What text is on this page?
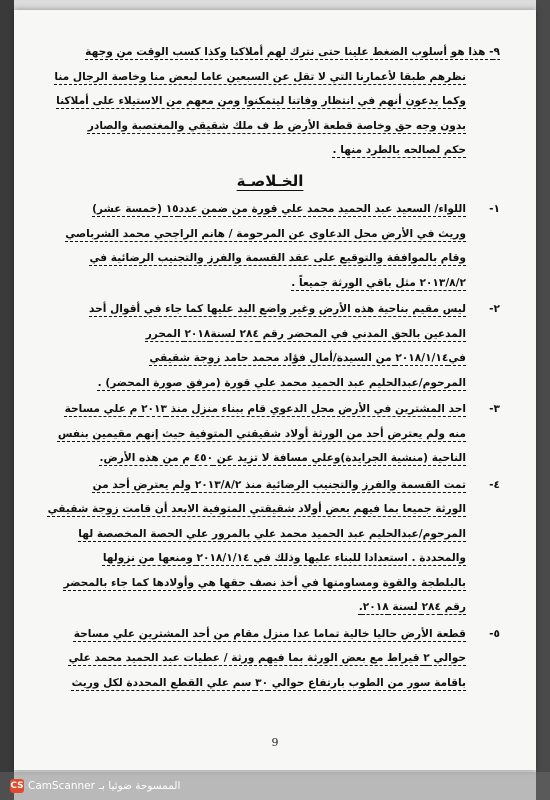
٩- هذا هو أسلوب الضغط علينا حتى نترك لهم أملاكنا وكذا كسب الوقت من وجهة
نظرهم طبقا لأعمارنا التي لا تقل عن السبعين عاما لبعض منا وخاصة الرجال منا
وكما يدعون أنهم في انتظار وفاتنا ليتمكنوا ومن معهم من الاستيلاء على أملاكنا
بدون وجه حق وخاصة قطعة الأرض ط ف ملك شقيقي والمغتصبة والصادر
حكم لصالحه بالطرد منها .
الخـلاصـة
١-
اللواء/ السعيد عبد الحميد محمد علي قورة من ضمن عدد١٥ (خمسة عشر)
وريث في الأرض محل الدعاوى عن المرحومة / هانم الراجحي محمد الشرباصي
وقام بالموافقة والتوقيع على عقد القسمة والفرز والتجنيب الرضائية في
٢٠١٣/٨/٢ مثل باقي الورثة جميعاً .
٢-
ليس مقيم بناحية هذه الأرض وغير واضع اليد عليها كما جاء في أقوال أحد
المدعين بالحق المدني في المحضر رقم ٢٨٤ لسنة٢٠١٨ المحرر
في٢٠١٨/١/١٤ من السيدة/أمال فؤاد محمد حامد زوجة شقيقي
المرحوم/عبدالحليم عبد الحميد محمد علي قورة (مرفق صورة المحضر) .
٣-
احد المشترين في الأرض محل الدعوي قام ببناء منزل منذ ٢٠١٣ م علي مساحة
منه ولم يعترض أحد من الورثة أولاد شقيقتي المتوفية حيث إنهم مقيمين بنفس
الناحية (منشية الجرايدة)وعلي مسافة لا تزيد عن ٤٥٠ م من هذه الأرض.
٤-
تمت القسمة والفرز والتجنيب الرضائية منذ ٢٠١٣/٨/٢ ولم يعترض أحد من
الورثة جميعا بما فيهم بعض أولاد شقيقتي المتوفية الابعد أن قامت زوجة شقيقي
المرحوم/عبدالحليم عبد الحميد محمد علي بالمرور علي الحصة المخصصة لها
والمحددة . استعدادا للبناء عليها وذلك في ٢٠١٨/١/١٤ ومنعها من نزولها
بالبلطجة والقوة ومساومتها في أخذ نصف حقها هي وأولادها كما جاء بالمحضر
رقم ٢٨٤ لسنة ٢٠١٨.
٥-
قطعة الأرض حاليا خالية تماما عدا منزل مقام من أحد المشترين علي مساحة
حوالي ٢ قيراط مع بعض الورثة بما فيهم ورثة / عطيات عبد الحميد محمد علي
باقامة سور من الطوب بارتفاع حوالي ٣٠ سم علي القطع المحددة لكل وريث
9
CS CamScanner الممسوحة ضوئيا بـ
